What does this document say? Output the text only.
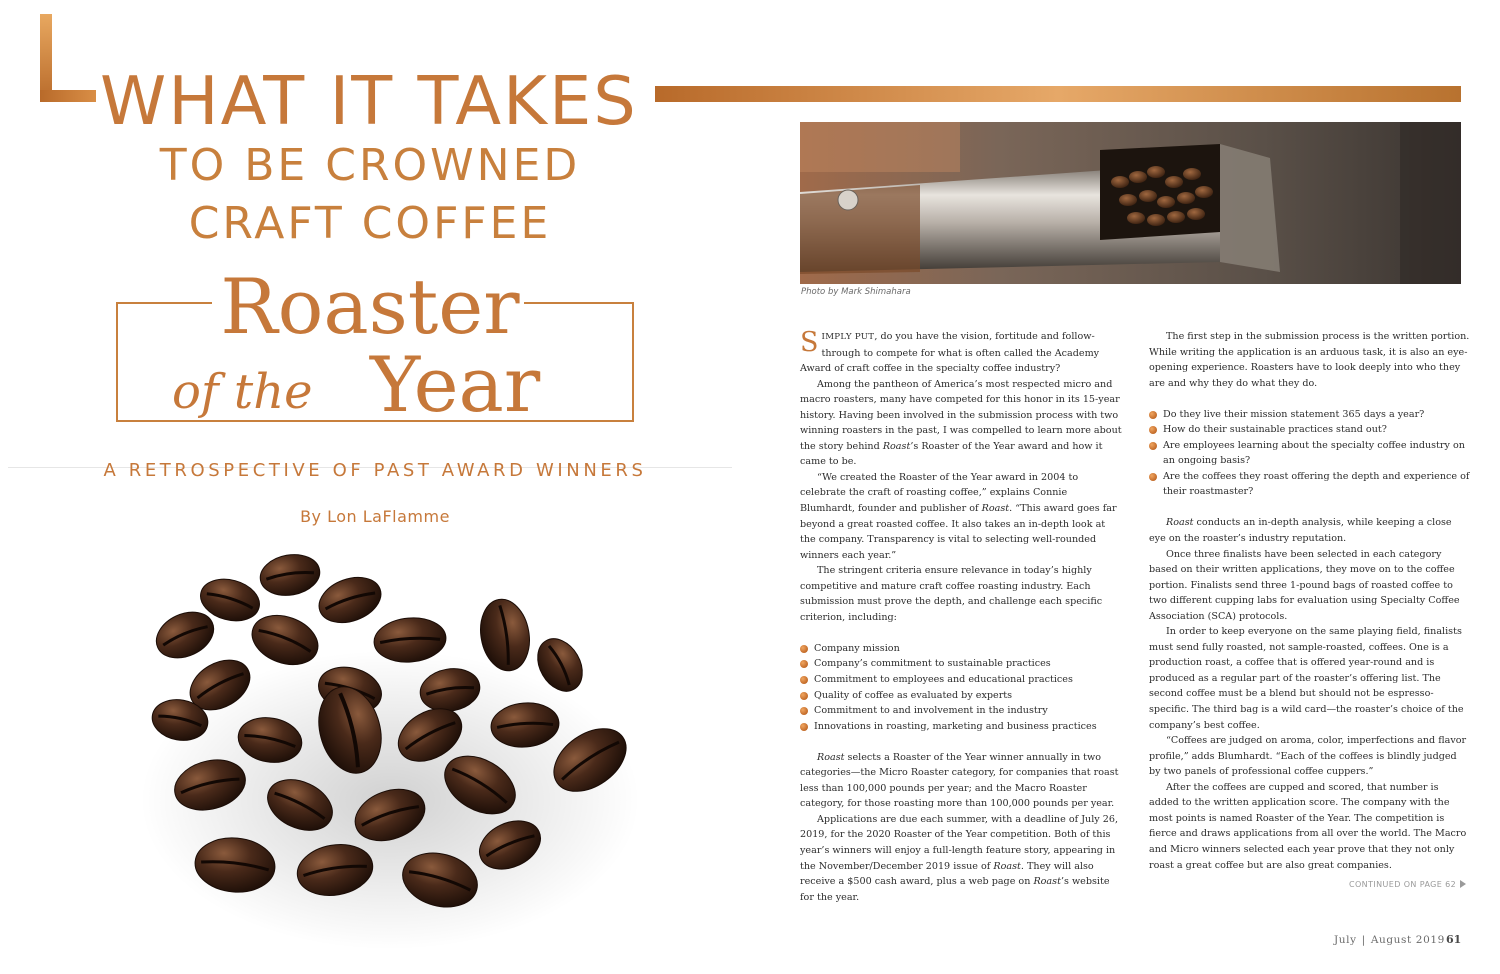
WHAT IT TAKES
TO BE CROWNED
CRAFT COFFEE
Roaster
of the Year
A RETROSPECTIVE OF PAST AWARD WINNERS
By Lon LaFlamme
Photo by Mark Shimahara

SIMPLY PUT, do you have the vision, fortitude and follow-through to compete for what is often called the Academy Award of craft coffee in the specialty coffee industry?

Among the pantheon of America’s most respected micro and macro roasters, many have competed for this honor in its 15-year history. Having been involved in the submission process with two winning roasters in the past, I was compelled to learn more about the story behind Roast’s Roaster of the Year award and how it came to be.

“We created the Roaster of the Year award in 2004 to celebrate the craft of roasting coffee,” explains Connie Blumhardt, founder and publisher of Roast. “This award goes far beyond a great roasted coffee. It also takes an in-depth look at the company. Transparency is vital to selecting well-rounded winners each year.”

The stringent criteria ensure relevance in today’s highly competitive and mature craft coffee roasting industry. Each submission must prove the depth, and challenge each specific criterion, including:

Company mission
Company’s commitment to sustainable practices
Commitment to employees and educational practices
Quality of coffee as evaluated by experts
Commitment to and involvement in the industry
Innovations in roasting, marketing and business practices

Roast selects a Roaster of the Year winner annually in two categories—the Micro Roaster category, for companies that roast less than 100,000 pounds per year; and the Macro Roaster category, for those roasting more than 100,000 pounds per year.

Applications are due each summer, with a deadline of July 26, 2019, for the 2020 Roaster of the Year competition. Both of this year’s winners will enjoy a full-length feature story, appearing in the November/December 2019 issue of Roast. They will also receive a $500 cash award, plus a web page on Roast’s website for the year.

The first step in the submission process is the written portion. While writing the application is an arduous task, it is also an eye-opening experience. Roasters have to look deeply into who they are and why they do what they do.

Do they live their mission statement 365 days a year?
How do their sustainable practices stand out?
Are employees learning about the specialty coffee industry on an ongoing basis?
Are the coffees they roast offering the depth and experience of their roastmaster?

Roast conducts an in-depth analysis, while keeping a close eye on the roaster’s industry reputation.

Once three finalists have been selected in each category based on their written applications, they move on to the coffee portion. Finalists send three 1-pound bags of roasted coffee to two different cupping labs for evaluation using Specialty Coffee Association (SCA) protocols.

In order to keep everyone on the same playing field, finalists must send fully roasted, not sample-roasted, coffees. One is a production roast, a coffee that is offered year-round and is produced as a regular part of the roaster’s offering list. The second coffee must be a blend but should not be espresso-specific. The third bag is a wild card—the roaster’s choice of the company’s best coffee.

“Coffees are judged on aroma, color, imperfections and flavor profile,” adds Blumhardt. “Each of the coffees is blindly judged by two panels of professional coffee cuppers.”

After the coffees are cupped and scored, that number is added to the written application score. The company with the most points is named Roaster of the Year. The competition is fierce and draws applications from all over the world. The Macro and Micro winners selected each year prove that they not only roast a great coffee but are also great companies.

CONTINUED ON PAGE 62
July | August 2019 61
